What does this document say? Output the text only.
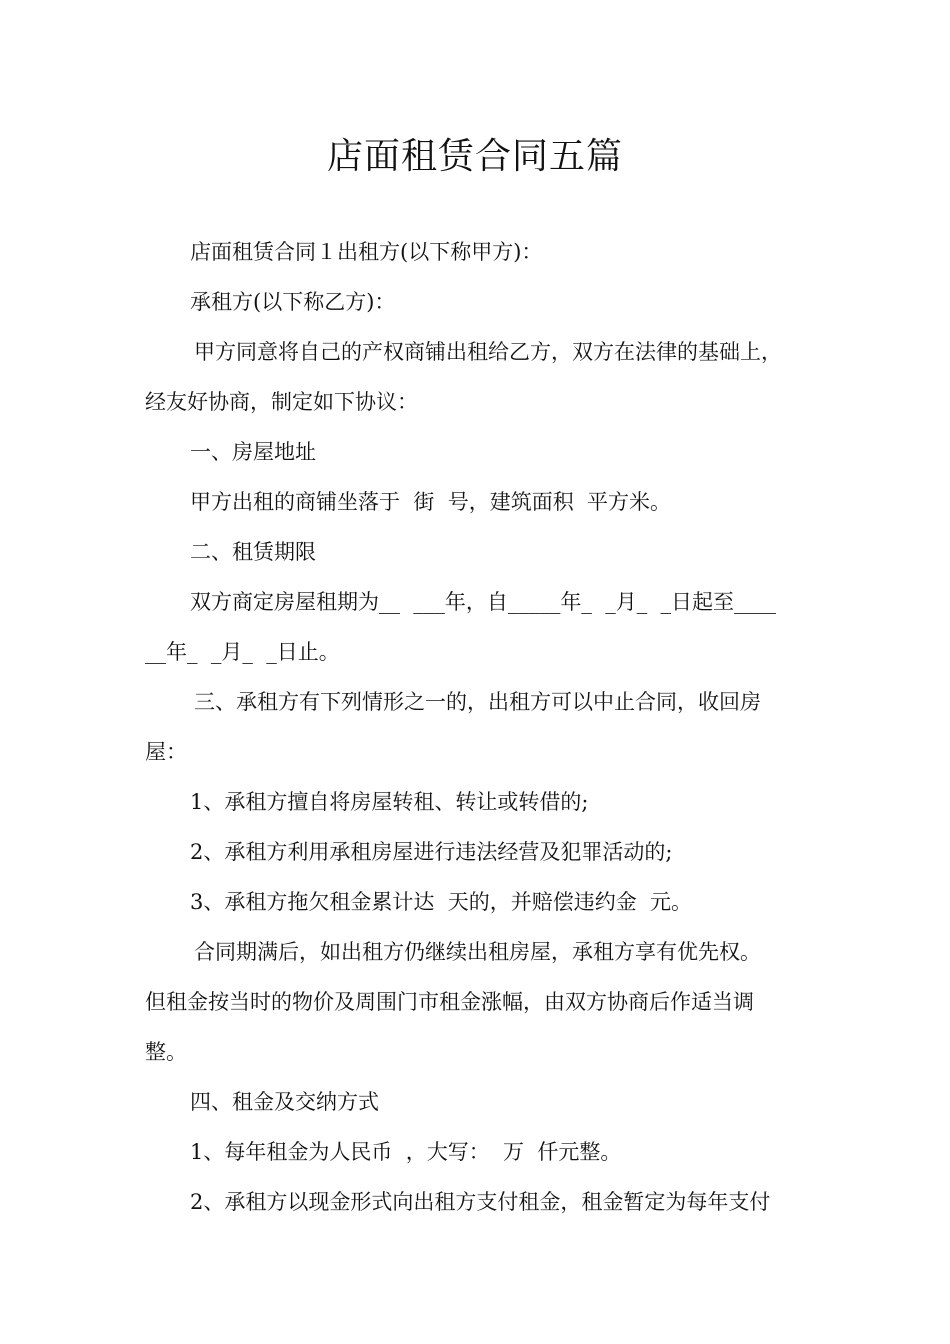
店面租赁合同五篇
店面租赁合同１出租方(以下称甲方)：
承租方(以下称乙方)：
甲方同意将自己的产权商铺出租给乙方，双方在法律的基础上，
经友好协商，制定如下协议：
一、房屋地址
甲方出租的商铺坐落于  街  号，建筑面积  平方米。
二、租赁期限
双方商定房屋租期为__  ___年，自_____年_  _月_  _日起至____
__年_  _月_  _日止。
三、承租方有下列情形之一的，出租方可以中止合同，收回房
屋：
1、承租方擅自将房屋转租、转让或转借的;
2、承租方利用承租房屋进行违法经营及犯罪活动的;
3、承租方拖欠租金累计达  天的，并赔偿违约金  元。
合同期满后，如出租方仍继续出租房屋，承租方享有优先权。
但租金按当时的物价及周围门市租金涨幅，由双方协商后作适当调
整。
四、租金及交纳方式
1、每年租金为人民币  ，大写：  万  仟元整。
2、承租方以现金形式向出租方支付租金，租金暂定为每年支付
